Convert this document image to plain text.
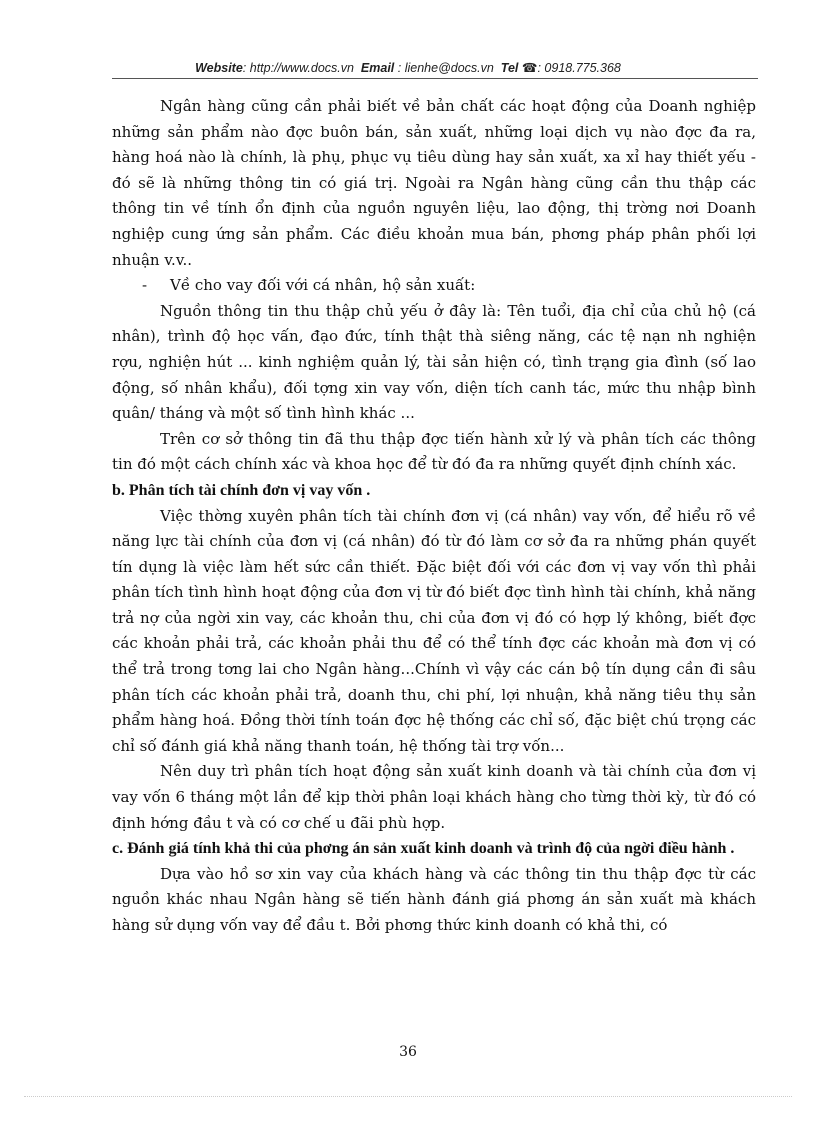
Website: http://www.docs.vn Email : lienhe@docs.vn Tel ☎: 0918.775.368

Ngân hàng cũng cần phải biết về bản chất các hoạt động của Doanh nghiệp những sản phẩm nào đợc buôn bán, sản xuất, những loại dịch vụ nào đợc đa ra, hàng hoá nào là chính, là phụ, phục vụ tiêu dùng hay sản xuất, xa xỉ hay thiết yếu - đó sẽ là những thông tin có giá trị. Ngoài ra Ngân hàng cũng cần thu thập các thông tin về tính ổn định của nguồn nguyên liệu, lao động, thị trờng nơi Doanh nghiệp cung ứng sản phẩm. Các điều khoản mua bán, phơng pháp phân phối lợi nhuận v.v..

- Về cho vay đối với cá nhân, hộ sản xuất:

Nguồn thông tin thu thập chủ yếu ở đây là: Tên tuổi, địa chỉ của chủ hộ (cá nhân), trình độ học vấn, đạo đức, tính thật thà siêng năng, các tệ nạn nh nghiện rợu, nghiện hút ... kinh nghiệm quản lý, tài sản hiện có, tình trạng gia đình (số lao động, số nhân khẩu), đối tợng xin vay vốn, diện tích canh tác, mức thu nhập bình quân/ tháng và một số tình hình khác ...

Trên cơ sở thông tin đã thu thập đợc tiến hành xử lý và phân tích các thông tin đó một cách chính xác và khoa học để từ đó đa ra những quyết định chính xác.

b. Phân tích tài chính đơn vị vay vốn .

Việc thờng xuyên phân tích tài chính đơn vị (cá nhân) vay vốn, để hiểu rõ về năng lực tài chính của đơn vị (cá nhân) đó từ đó làm cơ sở đa ra những phán quyết tín dụng là việc làm hết sức cần thiết. Đặc biệt đối với các đơn vị vay vốn thì phải phân tích tình hình hoạt động của đơn vị từ đó biết đợc tình hình tài chính, khả năng trả nợ của ngời xin vay, các khoản thu, chi của đơn vị đó có hợp lý không, biết đợc các khoản phải trả, các khoản phải thu để có thể tính đợc các khoản mà đơn vị có thể trả trong tơng lai cho Ngân hàng...Chính vì vậy các cán bộ tín dụng cần đi sâu phân tích các khoản phải trả, doanh thu, chi phí, lợi nhuận, khả năng tiêu thụ sản phẩm hàng hoá. Đồng thời tính toán đợc hệ thống các chỉ số, đặc biệt chú trọng các chỉ số đánh giá khả năng thanh toán, hệ thống tài trợ vốn...

Nên duy trì phân tích hoạt động sản xuất kinh doanh và tài chính của đơn vị vay vốn 6 tháng một lần để kịp thời phân loại khách hàng cho từng thời kỳ, từ đó có định hớng đầu t và có cơ chế u đãi phù hợp.

c. Đánh giá tính khả thi của phơng án sản xuất kinh doanh và trình độ của ngời điều hành .

Dựa vào hồ sơ xin vay của khách hàng và các thông tin thu thập đợc từ các nguồn khác nhau Ngân hàng sẽ tiến hành đánh giá phơng án sản xuất mà khách hàng sử dụng vốn vay để đầu t. Bởi phơng thức kinh doanh có khả thi, có

36
